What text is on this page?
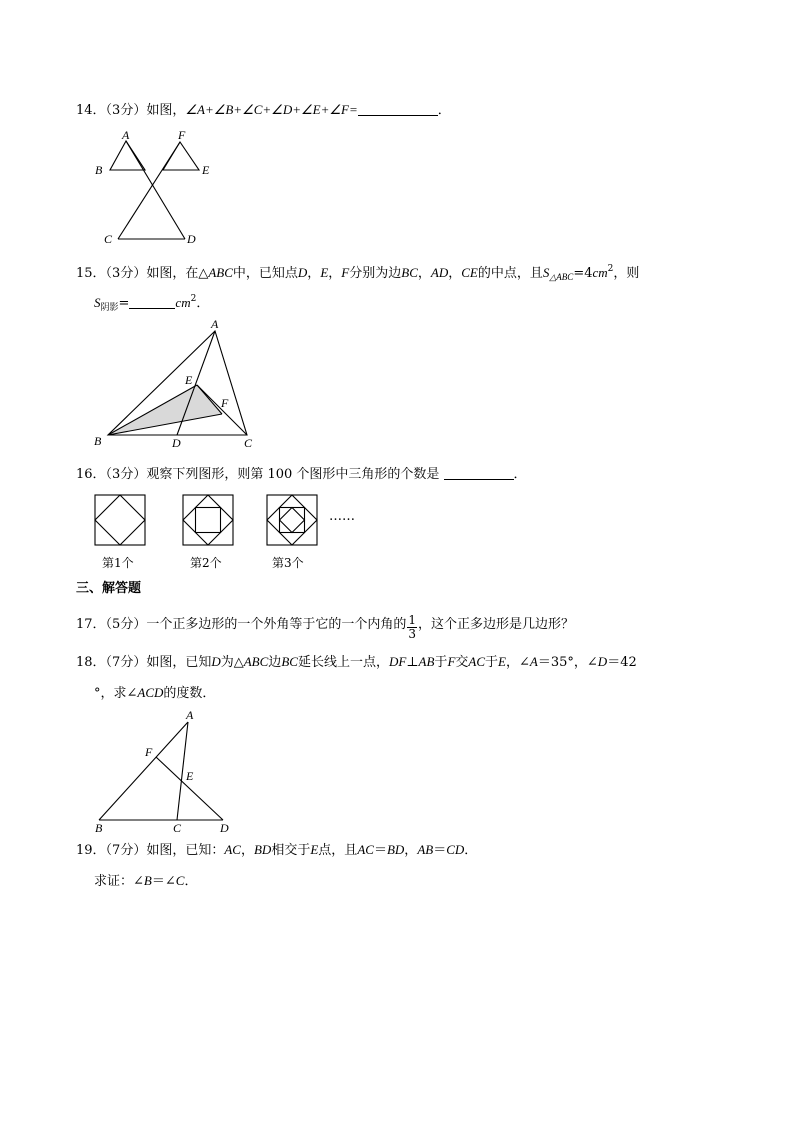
14．（3分）如图，∠A+∠B+∠C+∠D+∠E+∠F=	．
A	F
B	E
C	D
15．（3分）如图，在△ABC中，已知点D，E，F分别为边BC，AD，CE的中点，且$S_{\triangle ABC}=4cm^2$，则
$S_{阴影}=$	$cm^2$．
A
E
F
B	D	C
16．（3分）观察下列图形，则第 100 个图形中三角形的个数是	．
……
第1个	第2个	第3个
三、解答题
17．（5分）一个正多边形的一个外角等于它的一个内角的 $\frac{1}{3}$ ，这个正多边形是几边形？
18．（7分）如图，已知D为△ABC边BC延长线上一点，DF⊥AB于F交AC于E，∠A＝35°，∠D＝42
°，求∠ACD的度数．
A
F
E
B	C	D
19．（7分）如图，已知：AC，BD相交于E点，且AC＝BD，AB＝CD．
求证：∠B＝∠C．
